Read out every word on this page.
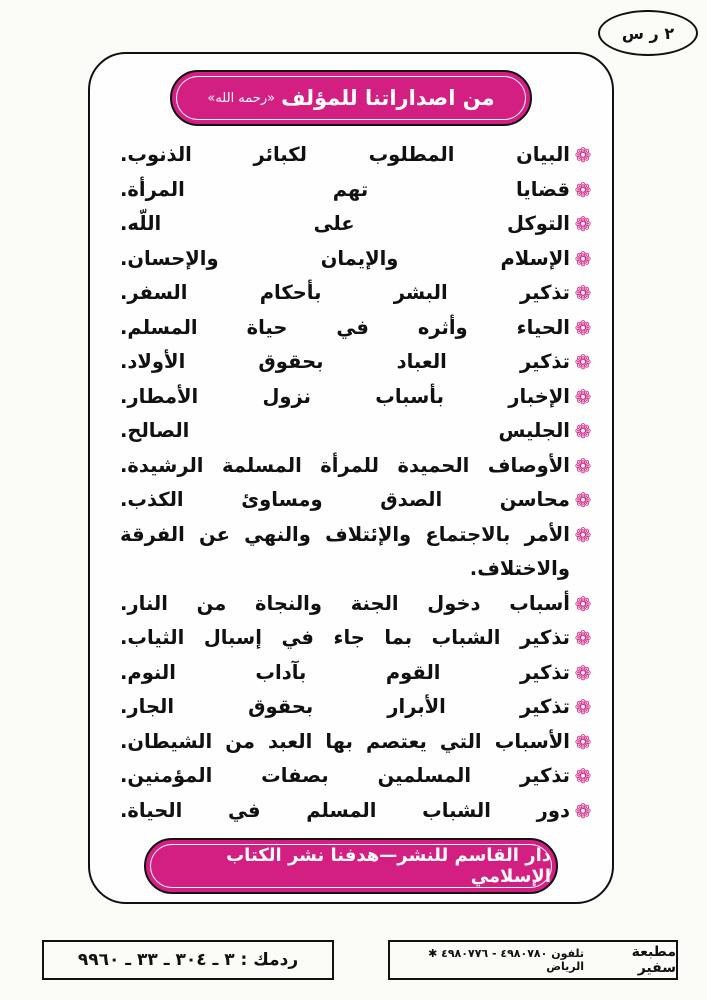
٢ ر س
من اصداراتنا للمؤلف
«رحمه الله»
❁
البيان المطلوب لكبائر الذنوب.
❁
قضايا تهم المرأة.
❁
التوكل على اللّه.
❁
الإسلام والإيمان والإحسان.
❁
تذكير البشر بأحكام السفر.
❁
الحياء وأثره في حياة المسلم.
❁
تذكير العباد بحقوق الأولاد.
❁
الإخبار بأسباب نزول الأمطار.
❁
الجليس الصالح.
❁
الأوصاف الحميدة للمرأة المسلمة الرشيدة.
❁
محاسن الصدق ومساوئ الكذب.
❁
الأمر بالاجتماع والإئتلاف والنهي عن الفرقة والاختلاف.
❁
أسباب دخول الجنة والنجاة من النار.
❁
تذكير الشباب بما جاء في إسبال الثياب.
❁
تذكير القوم بآداب النوم.
❁
تذكير الأبرار بحقوق الجار.
❁
الأسباب التي يعتصم بها العبد من الشيطان.
❁
تذكير المسلمين بصفات المؤمنين.
❁
دور الشباب المسلم في الحياة.
دار القاسم للنشر—هدفنا نشر الكتاب الإسلامي
ردمك : ٣ ـ ٣٠٤ ـ ٣٣ ـ ٩٩٦٠	مطبعة سفير
تلفون ٤٩٨٠٧٨٠ - ٤٩٨٠٧٧٦ ✱ الرياض
